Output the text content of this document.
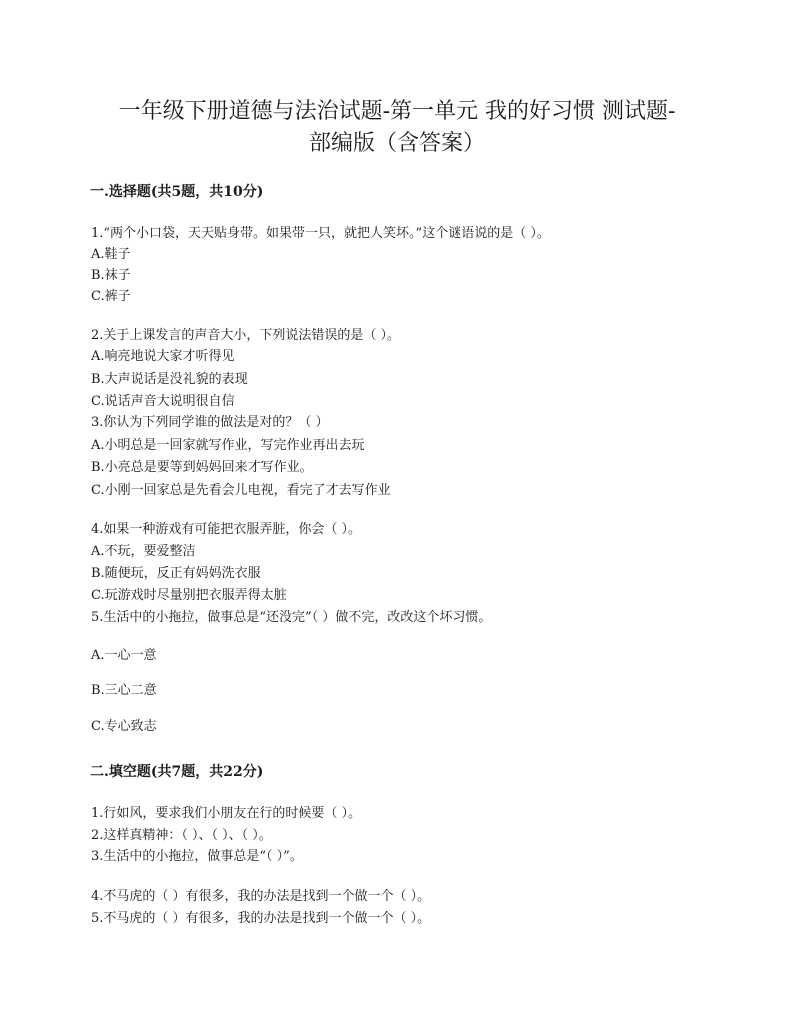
一年级下册道德与法治试题-第一单元 我的好习惯 测试题-
部编版（含答案）
一.选择题(共5题，共10分)
1.“两个小口袋，天天贴身带。如果带一只，就把人笑坏。”这个谜语说的是（ ）。
A.鞋子
B.袜子
C.裤子
2.关于上课发言的声音大小，下列说法错误的是（ ）。
A.响亮地说大家才听得见
B.大声说话是没礼貌的表现
C.说话声音大说明很自信
3.你认为下列同学谁的做法是对的？（ ）
A.小明总是一回家就写作业，写完作业再出去玩
B.小亮总是要等到妈妈回来才写作业。
C.小刚一回家总是先看会儿电视，看完了才去写作业
4.如果一种游戏有可能把衣服弄脏，你会（ ）。
A.不玩，要爱整洁
B.随便玩，反正有妈妈洗衣服
C.玩游戏时尽量别把衣服弄得太脏
5.生活中的小拖拉，做事总是“还没完”（ ）做不完，改改这个坏习惯。
A.一心一意
B.三心二意
C.专心致志
二.填空题(共7题，共22分)
1.行如风，要求我们小朋友在行的时候要（ ）。
2.这样真精神：（ ）、（ ）、（ ）。
3.生活中的小拖拉，做事总是“（ ）”。
4.不马虎的（ ）有很多，我的办法是找到一个做一个（ ）。
5.不马虎的（ ）有很多，我的办法是找到一个做一个（ ）。
